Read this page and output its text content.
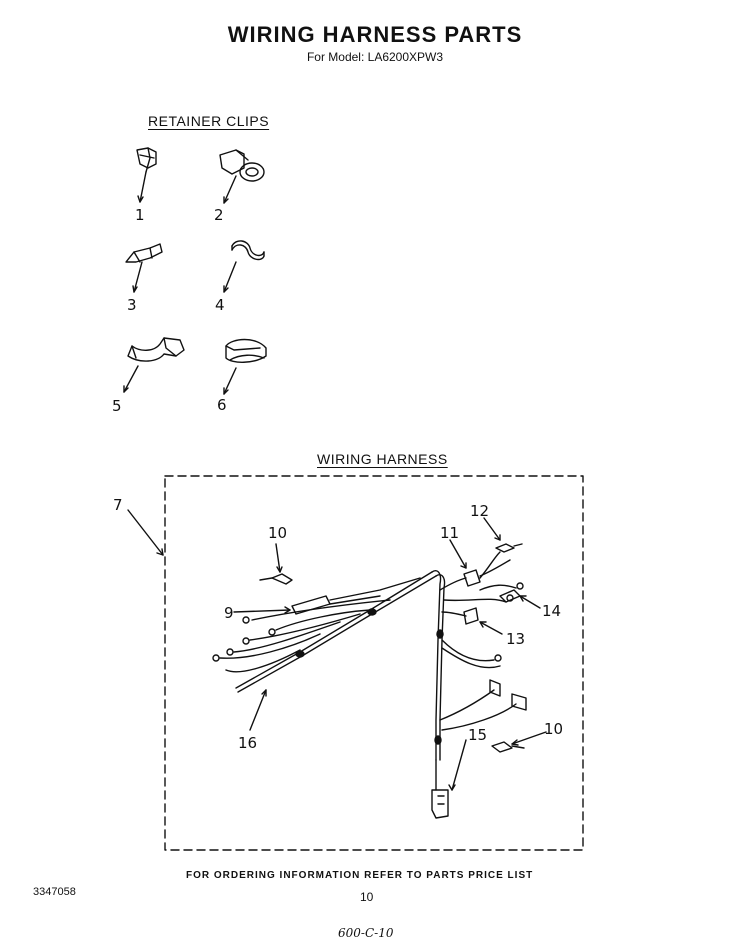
WIRING HARNESS PARTS
For Model: LA6200XPW3
RETAINER CLIPS
WIRING HARNESS
1	2
3	4
5	6
7
10
9
11
12
14
13
10
15
16
FOR ORDERING INFORMATION REFER TO PARTS PRICE LIST
3347058	10
600-C-10
